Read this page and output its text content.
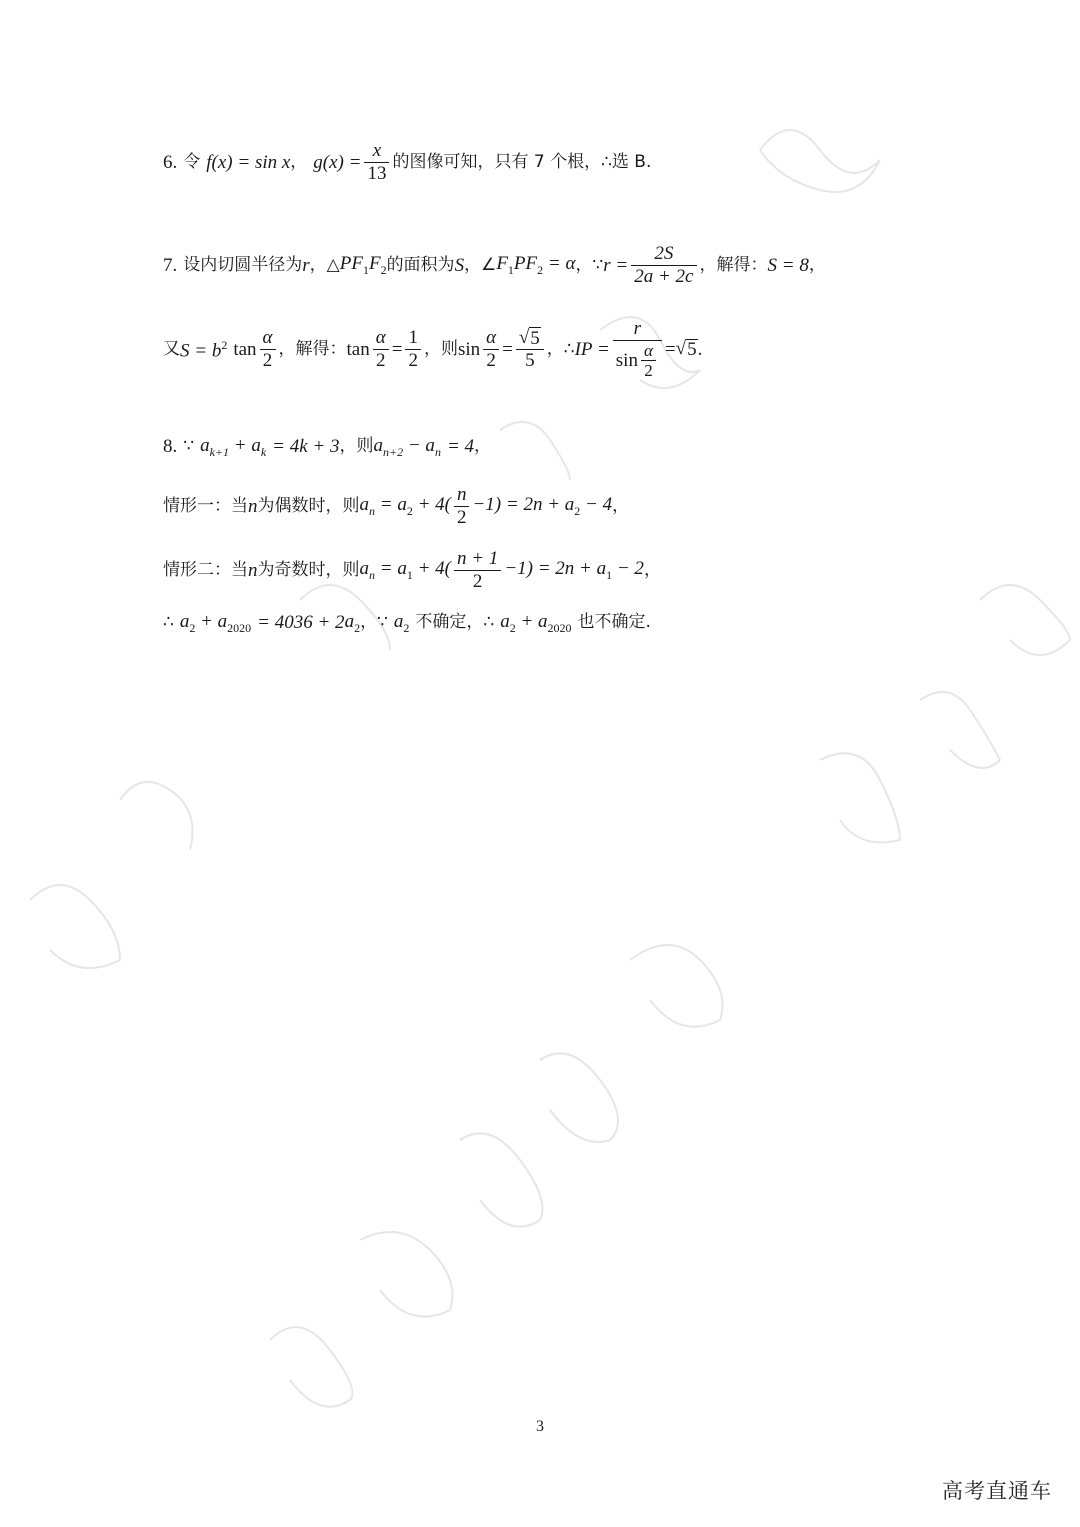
6. 令 f(x) = sin x ， $g(x) = \frac{x}{13}$ 的图像可知，只有 7 个根，∴选 B.
7. 设内切圆半径为 r ，△ $PF_1F_2$ 的面积为 S ，∠ $F_1PF_2 = \alpha$ ，∵ $r = \frac{2S}{2a + 2c}$ ，解得： S = 8 ，
又 $S = b^2$ $\tan \frac{\alpha}{2}$ ，解得： $\tan \frac{\alpha}{2} = \frac{1}{2}$ ，则 $\sin \frac{\alpha}{2} = \frac{√ 5}{5}$ ，∴ IP = $\frac{r}{\sin \frac{\alpha}{2}}$ = √ 5 .
8. ∵ $a_{k+1} + a_k = 4k + 3$ ，则 $a_{n+2} - a_n = 4$ ，
情形一：当 n 为偶数时，则 $a_n = a_2 + 4( \frac{n}{2} -1) = 2n + a_2 - 4$ ，
情形二：当 n 为奇数时，则 $a_n = a_1 + 4( \frac{n + 1}{2} -1) = 2n + a_1 - 2$ ，
∴ $a_2 + a_{2020} = 4036 + 2$ $a_2$ ，∵ $a_2$ 不确定，∴ $a_2 + a_{2020}$ 也不确定.
3
高考直通车
